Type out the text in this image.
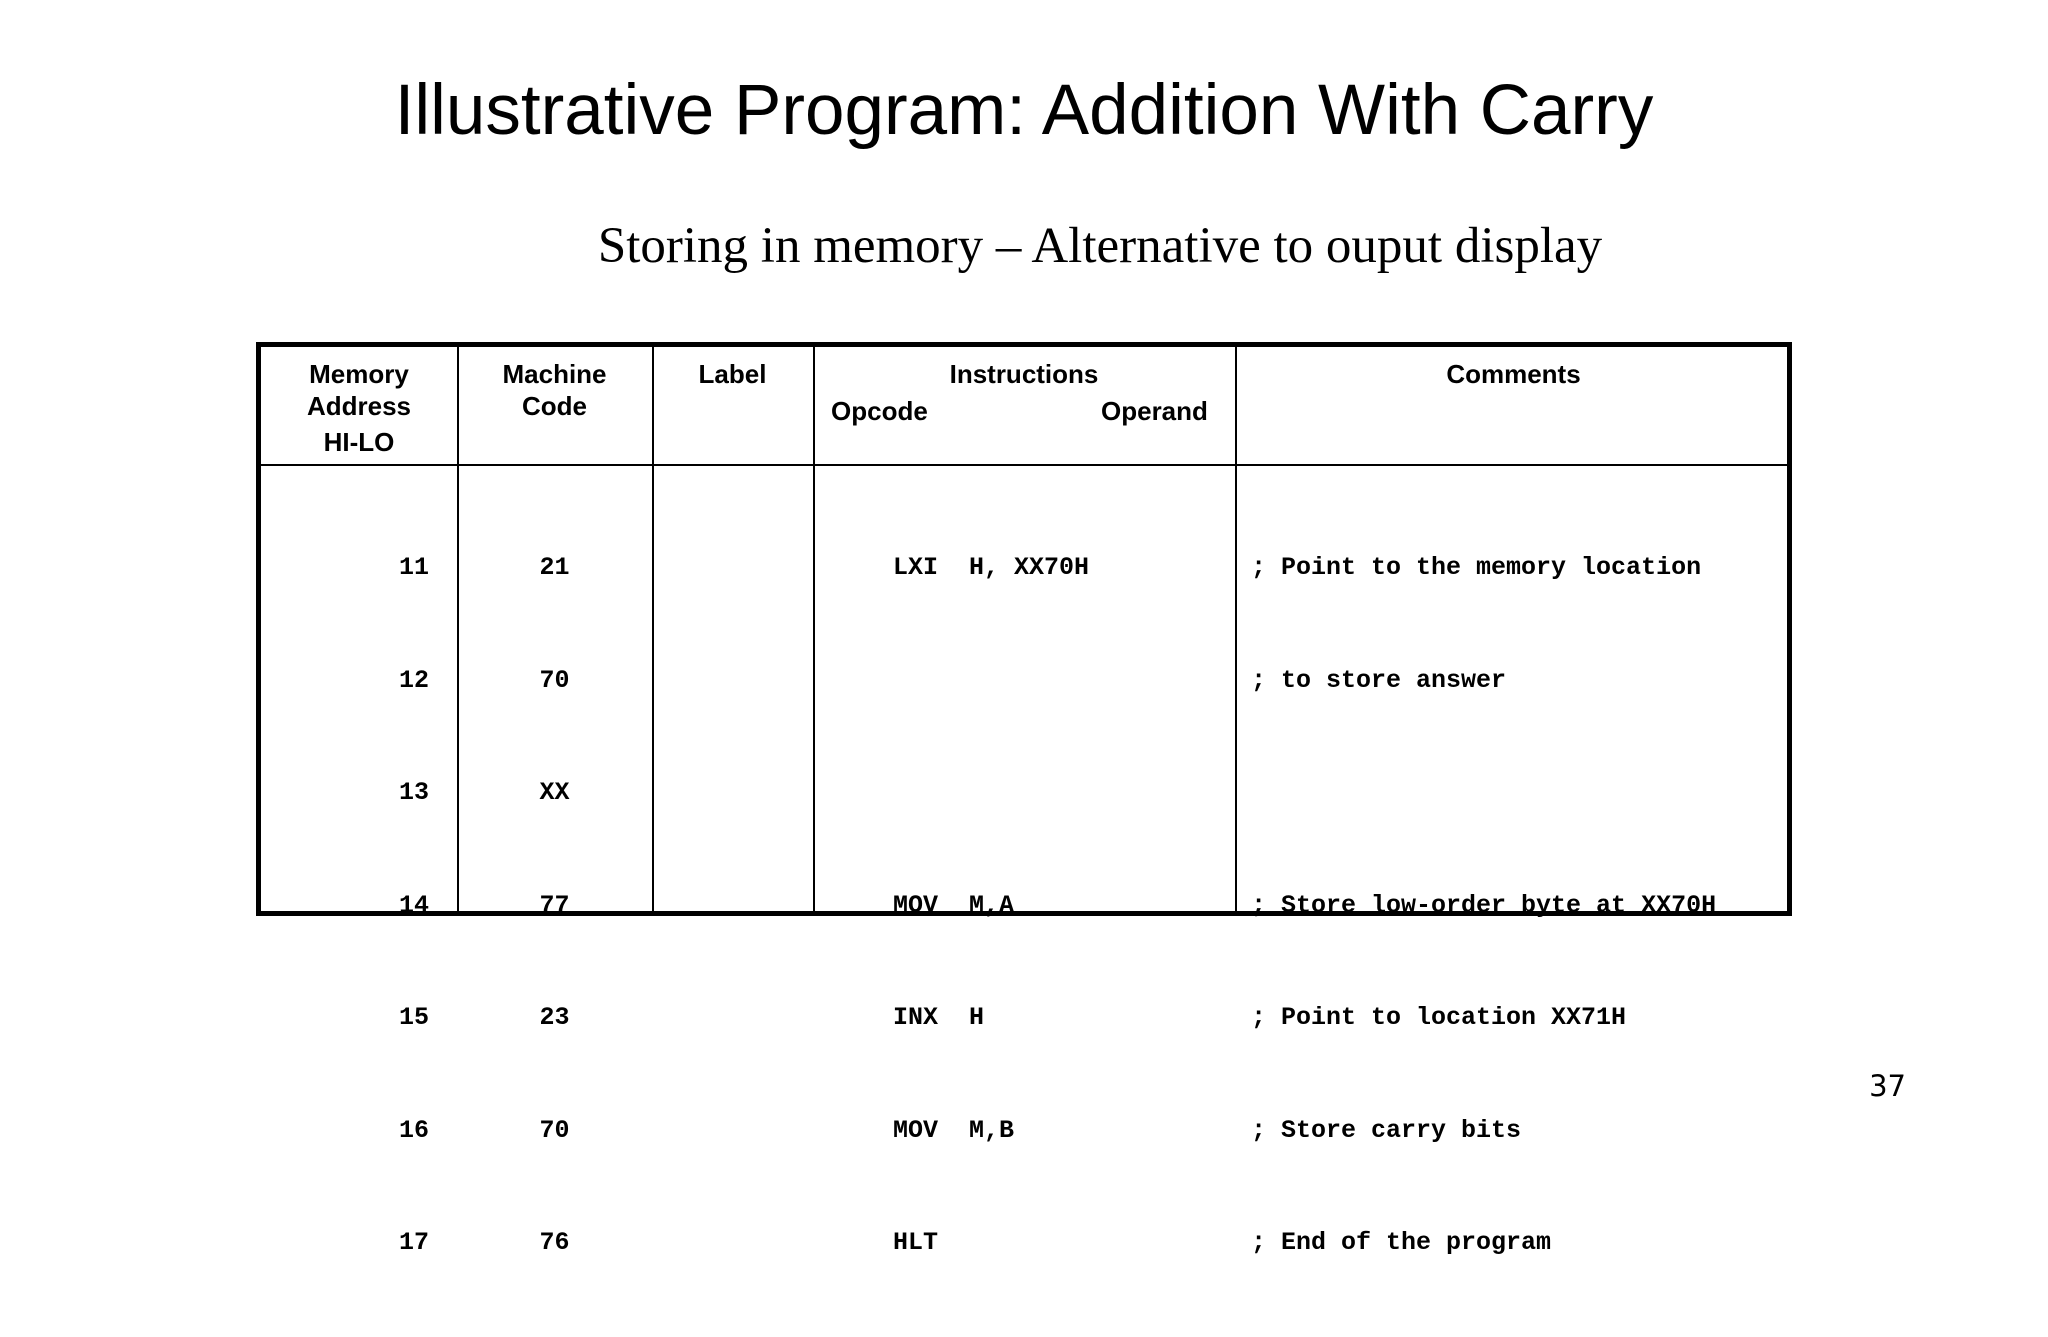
Illustrative Program: Addition With Carry
Storing in memory – Alternative to ouput display
Memory
Address
HI-LO
Machine
Code
Label	Instructions
Opcode	Operand
Comments

11

12

13

14

15

16

17

21

70

XX

77

23

70

76

LXI

MOV

INX

MOV

HLT

H, XX70H

M,A

H

M,B

; Point to the memory location

; to store answer

; Store low-order byte at XX70H

; Point to location XX71H

; Store carry bits

; End of the program

37
